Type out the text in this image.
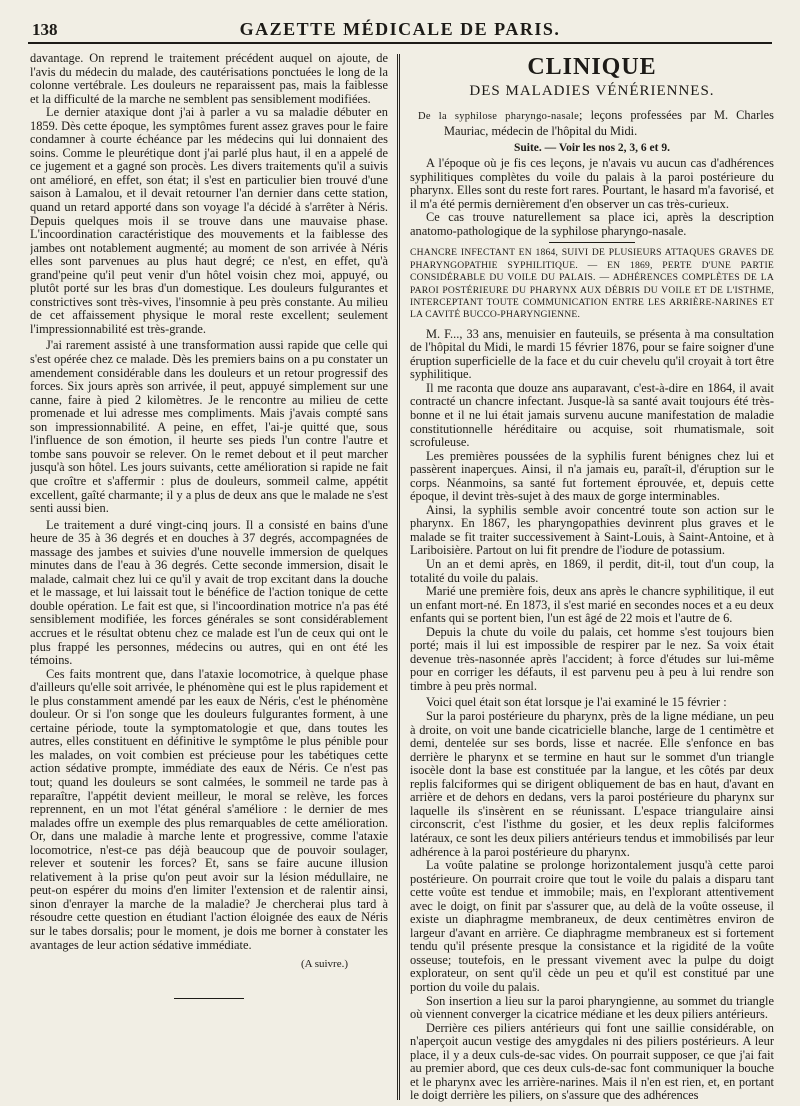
138	GAZETTE MÉDICALE DE PARIS.

davantage. On reprend le traitement précédent auquel on ajoute, de l'avis du médecin du malade, des cautérisations ponctuées le long de la colonne vertébrale. Les douleurs ne reparaissent pas, mais la faiblesse et la difficulté de la marche ne semblent pas sensiblement modifiées.

Le dernier ataxique dont j'ai à parler a vu sa maladie débuter en 1859. Dès cette époque, les symptômes furent assez graves pour le faire condamner à courte échéance par les médecins qui lui donnaient des soins. Comme le pleurétique dont j'ai parlé plus haut, il en a appelé de ce jugement et a gagné son procès. Les divers traitements qu'il a suivis ont amélioré, en effet, son état; il s'est en particulier bien trouvé d'une saison à Lamalou, et il devait retourner l'an dernier dans cette station, quand un retard apporté dans son voyage l'a décidé à s'arrêter à Néris. Depuis quelques mois il se trouve dans une mauvaise phase. L'incoordination caractéristique des mouvements et la faiblesse des jambes ont notablement augmenté; au moment de son arrivée à Néris elles sont parvenues au plus haut degré; ce n'est, en effet, qu'à grand'peine qu'il peut venir d'un hôtel voisin chez moi, appuyé, ou plutôt porté sur les bras d'un domestique. Les douleurs fulgurantes et constrictives sont très-vives, l'insomnie à peu près constante. Au milieu de cet affaissement physique le moral reste excellent; seulement l'impressionnabilité est très-grande.

J'ai rarement assisté à une transformation aussi rapide que celle qui s'est opérée chez ce malade. Dès les premiers bains on a pu constater un amendement considérable dans les douleurs et un retour progressif des forces. Six jours après son arrivée, il peut, appuyé simplement sur une canne, faire à pied 2 kilomètres. Je le rencontre au milieu de cette promenade et lui adresse mes compliments. Mais j'avais compté sans son impressionnabilité. A peine, en effet, l'ai-je quitté que, sous l'influence de son émotion, il heurte ses pieds l'un contre l'autre et tombe sans pouvoir se relever. On le remet debout et il peut marcher jusqu'à son hôtel. Les jours suivants, cette amélioration si rapide ne fait que croître et s'affermir : plus de douleurs, sommeil calme, appétit excellent, gaîté charmante; il y a plus de deux ans que le malade ne s'est senti aussi bien.

Le traitement a duré vingt-cinq jours. Il a consisté en bains d'une heure de 35 à 36 degrés et en douches à 37 degrés, accompagnées de massage des jambes et suivies d'une nouvelle immersion de quelques minutes dans de l'eau à 36 degrés. Cette seconde immersion, disait le malade, calmait chez lui ce qu'il y avait de trop excitant dans la douche et le massage, et lui laissait tout le bénéfice de l'action tonique de cette double opération. Le fait est que, si l'incoordination motrice n'a pas été sensiblement modifiée, les forces générales se sont considérablement accrues et le résultat obtenu chez ce malade est l'un de ceux qui ont le plus frappé les personnes, médecins ou autres, qui en ont été les témoins.

Ces faits montrent que, dans l'ataxie locomotrice, à quelque phase d'ailleurs qu'elle soit arrivée, le phénomène qui est le plus rapidement et le plus constamment amendé par les eaux de Néris, c'est le phénomène douleur. Or si l'on songe que les douleurs fulgurantes forment, à une certaine période, toute la symptomatologie et que, dans toutes les autres, elles constituent en définitive le symptôme le plus pénible pour les malades, on voit combien est précieuse pour les tabétiques cette action sédative prompte, immédiate des eaux de Néris. Ce n'est pas tout; quand les douleurs se sont calmées, le sommeil ne tarde pas à reparaître, l'appétit devient meilleur, le moral se relève, les forces reprennent, en un mot l'état général s'améliore : le dernier de mes malades offre un exemple des plus remarquables de cette amélioration. Or, dans une maladie à marche lente et progressive, comme l'ataxie locomotrice, n'est-ce pas déjà beaucoup que de pouvoir soulager, relever et soutenir les forces? Et, sans se faire aucune illusion relativement à la prise qu'on peut avoir sur la lésion médullaire, ne peut-on espérer du moins d'en limiter l'extension et de ralentir ainsi, sinon d'enrayer la marche de la maladie? Je chercherai plus tard à résoudre cette question en étudiant l'action éloignée des eaux de Néris sur le tabes dorsalis; pour le moment, je dois me borner à constater les avantages de leur action sédative immédiate.

(A suivre.)
CLINIQUE
DES MALADIES VÉNÉRIENNES.
De la syphilose pharyngo-nasale; leçons professées par M. Charles Mauriac, médecin de l'hôpital du Midi.
Suite. — Voir les nos 2, 3, 6 et 9.

A l'époque où je fis ces leçons, je n'avais vu aucun cas d'adhérences syphilitiques complètes du voile du palais à la paroi postérieure du pharynx. Elles sont du reste fort rares. Pourtant, le hasard m'a favorisé, et il m'a été permis dernièrement d'en observer un cas très-curieux.

Ce cas trouve naturellement sa place ici, après la description anatomo-pathologique de la syphilose pharyngo-nasale.

CHANCRE INFECTANT EN 1864, SUIVI DE PLUSIEURS ATTAQUES GRAVES DE PHARYNGOPATHIE SYPHILITIQUE. — EN 1869, PERTE D'UNE PARTIE CONSIDÉRABLE DU VOILE DU PALAIS. — ADHÉRENCES COMPLÈTES DE LA PAROI POSTÉRIEURE DU PHARYNX AUX DÉBRIS DU VOILE ET DE L'ISTHME, INTERCEPTANT TOUTE COMMUNICATION ENTRE LES ARRIÈRE-NARINES ET LA CAVITÉ BUCCO-PHARYNGIENNE.

M. F..., 33 ans, menuisier en fauteuils, se présenta à ma consultation de l'hôpital du Midi, le mardi 15 février 1876, pour se faire soigner d'une éruption superficielle de la face et du cuir chevelu qu'il croyait à tort être syphilitique.

Il me raconta que douze ans auparavant, c'est-à-dire en 1864, il avait contracté un chancre infectant. Jusque-là sa santé avait toujours été très-bonne et il ne lui était jamais survenu aucune manifestation de maladie constitutionnelle héréditaire ou acquise, soit rhumatismale, soit scrofuleuse.

Les premières poussées de la syphilis furent bénignes chez lui et passèrent inaperçues. Ainsi, il n'a jamais eu, paraît-il, d'éruption sur le corps. Néanmoins, sa santé fut fortement éprouvée, et, depuis cette époque, il devint très-sujet à des maux de gorge interminables.

Ainsi, la syphilis semble avoir concentré toute son action sur le pharynx. En 1867, les pharyngopathies devinrent plus graves et le malade se fit traiter successivement à Saint-Louis, à Saint-Antoine, et à Lariboisière. Partout on lui fit prendre de l'iodure de potassium.

Un an et demi après, en 1869, il perdit, dit-il, tout d'un coup, la totalité du voile du palais.

Marié une première fois, deux ans après le chancre syphilitique, il eut un enfant mort-né. En 1873, il s'est marié en secondes noces et a eu deux enfants qui se portent bien, l'un est âgé de 22 mois et l'autre de 6.

Depuis la chute du voile du palais, cet homme s'est toujours bien porté; mais il lui est impossible de respirer par le nez. Sa voix était devenue très-nasonnée après l'accident; à force d'études sur lui-même pour en corriger les défauts, il est parvenu peu à peu à lui rendre son timbre à peu près normal.

Voici quel était son état lorsque je l'ai examiné le 15 février :

Sur la paroi postérieure du pharynx, près de la ligne médiane, un peu à droite, on voit une bande cicatricielle blanche, large de 1 centimètre et demi, dentelée sur ses bords, lisse et nacrée. Elle s'enfonce en bas derrière le pharynx et se termine en haut sur le sommet d'un triangle isocèle dont la base est constituée par la langue, et les côtés par deux replis falciformes qui se dirigent obliquement de bas en haut, d'avant en arrière et de dehors en dedans, vers la paroi postérieure du pharynx sur laquelle ils s'insèrent en se réunissant. L'espace triangulaire ainsi circonscrit, c'est l'isthme du gosier, et les deux replis falciformes latéraux, ce sont les deux piliers antérieurs tendus et immobilisés par leur adhérence à la paroi postérieure du pharynx.

La voûte palatine se prolonge horizontalement jusqu'à cette paroi postérieure. On pourrait croire que tout le voile du palais a disparu tant cette voûte est tendue et immobile; mais, en l'explorant attentivement avec le doigt, on finit par s'assurer que, au delà de la voûte osseuse, il existe un diaphragme membraneux, de deux centimètres environ de largeur d'avant en arrière. Ce diaphragme membraneux est si fortement tendu qu'il présente presque la consistance et la rigidité de la voûte osseuse; toutefois, en le pressant vivement avec la pulpe du doigt explorateur, on sent qu'il cède un peu et qu'il est constitué par une portion du voile du palais.

Son insertion a lieu sur la paroi pharyngienne, au sommet du triangle où viennent converger la cicatrice médiane et les deux piliers antérieurs.

Derrière ces piliers antérieurs qui font une saillie considérable, on n'aperçoit aucun vestige des amygdales ni des piliers postérieurs. A leur place, il y a deux culs-de-sac vides. On pourrait supposer, ce que j'ai fait au premier abord, que ces deux culs-de-sac font communiquer la bouche et le pharynx avec les arrière-narines. Mais il n'en est rien, et, en portant le doigt derrière les piliers, on s'assure que des adhérences
